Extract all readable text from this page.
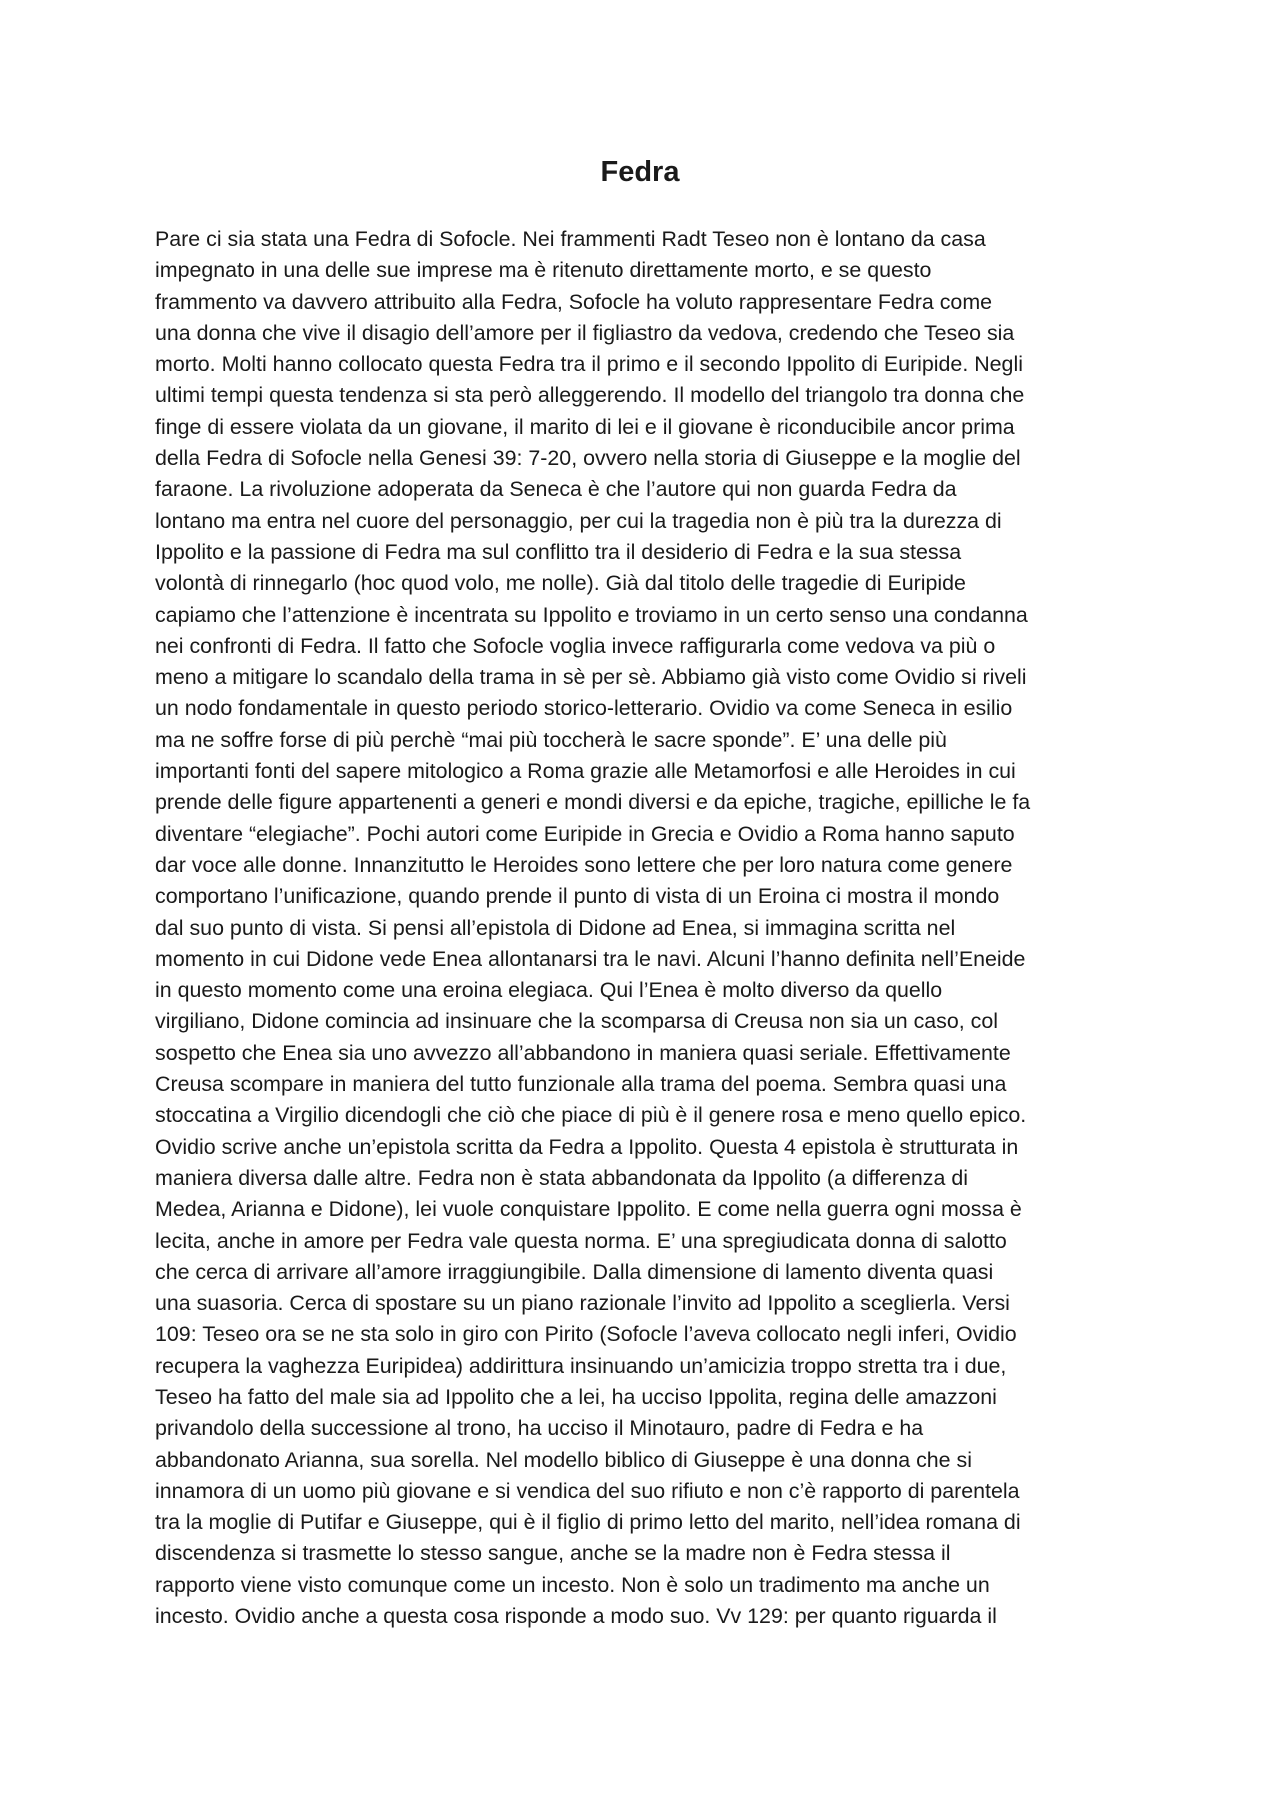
Fedra
Pare ci sia stata una Fedra di Sofocle. Nei frammenti Radt Teseo non è lontano da casa
impegnato in una delle sue imprese ma è ritenuto direttamente morto, e se questo
frammento va davvero attribuito alla Fedra, Sofocle ha voluto rappresentare Fedra come
una donna che vive il disagio dell’amore per il figliastro da vedova, credendo che Teseo sia
morto. Molti hanno collocato questa Fedra tra il primo e il secondo Ippolito di Euripide. Negli
ultimi tempi questa tendenza si sta però alleggerendo. Il modello del triangolo tra donna che
finge di essere violata da un giovane, il marito di lei e il giovane è riconducibile ancor prima
della Fedra di Sofocle nella Genesi 39: 7-20, ovvero nella storia di Giuseppe e la moglie del
faraone. La rivoluzione adoperata da Seneca è che l’autore qui non guarda Fedra da
lontano ma entra nel cuore del personaggio, per cui la tragedia non è più tra la durezza di
Ippolito e la passione di Fedra ma sul conflitto tra il desiderio di Fedra e la sua stessa
volontà di rinnegarlo (hoc quod volo, me nolle). Già dal titolo delle tragedie di Euripide
capiamo che l’attenzione è incentrata su Ippolito e troviamo in un certo senso una condanna
nei confronti di Fedra. Il fatto che Sofocle voglia invece raffigurarla come vedova va più o
meno a mitigare lo scandalo della trama in sè per sè. Abbiamo già visto come Ovidio si riveli
un nodo fondamentale in questo periodo storico-letterario. Ovidio va come Seneca in esilio
ma ne soffre forse di più perchè “mai più toccherà le sacre sponde”. E’ una delle più
importanti fonti del sapere mitologico a Roma grazie alle Metamorfosi e alle Heroides in cui
prende delle figure appartenenti a generi e mondi diversi e da epiche, tragiche, epilliche le fa
diventare “elegiache”. Pochi autori come Euripide in Grecia e Ovidio a Roma hanno saputo
dar voce alle donne. Innanzitutto le Heroides sono lettere che per loro natura come genere
comportano l’unificazione, quando prende il punto di vista di un Eroina ci mostra il mondo
dal suo punto di vista. Si pensi all’epistola di Didone ad Enea, si immagina scritta nel
momento in cui Didone vede Enea allontanarsi tra le navi. Alcuni l’hanno definita nell’Eneide
in questo momento come una eroina elegiaca. Qui l’Enea è molto diverso da quello
virgiliano, Didone comincia ad insinuare che la scomparsa di Creusa non sia un caso, col
sospetto che Enea sia uno avvezzo all’abbandono in maniera quasi seriale. Effettivamente
Creusa scompare in maniera del tutto funzionale alla trama del poema. Sembra quasi una
stoccatina a Virgilio dicendogli che ciò che piace di più è il genere rosa e meno quello epico.
Ovidio scrive anche un’epistola scritta da Fedra a Ippolito. Questa 4 epistola è strutturata in
maniera diversa dalle altre. Fedra non è stata abbandonata da Ippolito (a differenza di
Medea, Arianna e Didone), lei vuole conquistare Ippolito. E come nella guerra ogni mossa è
lecita, anche in amore per Fedra vale questa norma. E’ una spregiudicata donna di salotto
che cerca di arrivare all’amore irraggiungibile. Dalla dimensione di lamento diventa quasi
una suasoria. Cerca di spostare su un piano razionale l’invito ad Ippolito a sceglierla. Versi
109: Teseo ora se ne sta solo in giro con Pirito (Sofocle l’aveva collocato negli inferi, Ovidio
recupera la vaghezza Euripidea) addirittura insinuando un’amicizia troppo stretta tra i due,
Teseo ha fatto del male sia ad Ippolito che a lei, ha ucciso Ippolita, regina delle amazzoni
privandolo della successione al trono, ha ucciso il Minotauro, padre di Fedra e ha
abbandonato Arianna, sua sorella. Nel modello biblico di Giuseppe è una donna che si
innamora di un uomo più giovane e si vendica del suo rifiuto e non c’è rapporto di parentela
tra la moglie di Putifar e Giuseppe, qui è il figlio di primo letto del marito, nell’idea romana di
discendenza si trasmette lo stesso sangue, anche se la madre non è Fedra stessa il
rapporto viene visto comunque come un incesto. Non è solo un tradimento ma anche un
incesto. Ovidio anche a questa cosa risponde a modo suo. Vv 129: per quanto riguarda il
